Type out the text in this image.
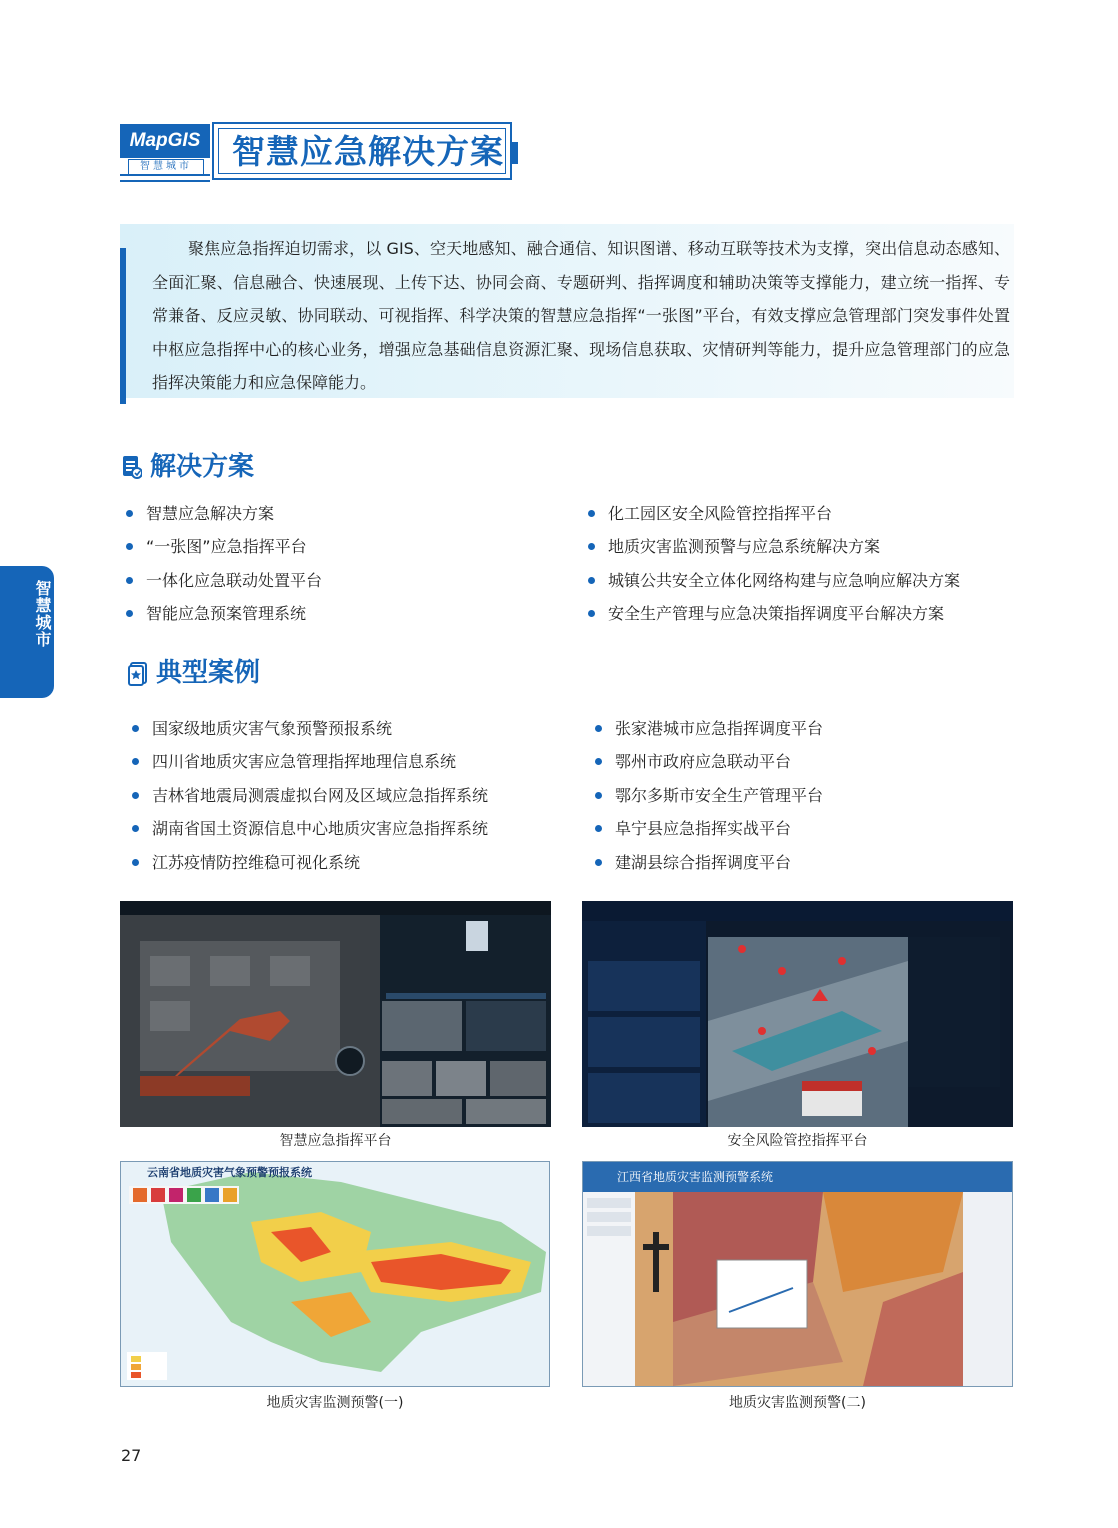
MapGIS
智慧城市	智慧应急解决方案
聚焦应急指挥迫切需求，以 GIS、空天地感知、融合通信、知识图谱、移动互联等技术为支撑，突出信息动态感知、全面汇聚、信息融合、快速展现、上传下达、协同会商、专题研判、指挥调度和辅助决策等支撑能力，建立统一指挥、专常兼备、反应灵敏、协同联动、可视指挥、科学决策的智慧应急指挥“一张图”平台，有效支撑应急管理部门突发事件处置中枢应急指挥中心的核心业务，增强应急基础信息资源汇聚、现场信息获取、灾情研判等能力，提升应急管理部门的应急指挥决策能力和应急保障能力。
解决方案
智慧应急解决方案
“一张图”应急指挥平台
一体化应急联动处置平台
智能应急预案管理系统
化工园区安全风险管控指挥平台
地质灾害监测预警与应急系统解决方案
城镇公共安全立体化网络构建与应急响应解决方案
安全生产管理与应急决策指挥调度平台解决方案
智慧城市
典型案例
国家级地质灾害气象预警预报系统
四川省地质灾害应急管理指挥地理信息系统
吉林省地震局测震虚拟台网及区域应急指挥系统
湖南省国土资源信息中心地质灾害应急指挥系统
江苏疫情防控维稳可视化系统
张家港城市应急指挥调度平台
鄂州市政府应急联动平台
鄂尔多斯市安全生产管理平台
阜宁县应急指挥实战平台
建湖县综合指挥调度平台
智慧应急指挥平台	安全风险管控指挥平台
云南省地质灾害气象预警预报系统
地质灾害监测预警(一)
江西省地质灾害监测预警系统
地质灾害监测预警(二)
27
